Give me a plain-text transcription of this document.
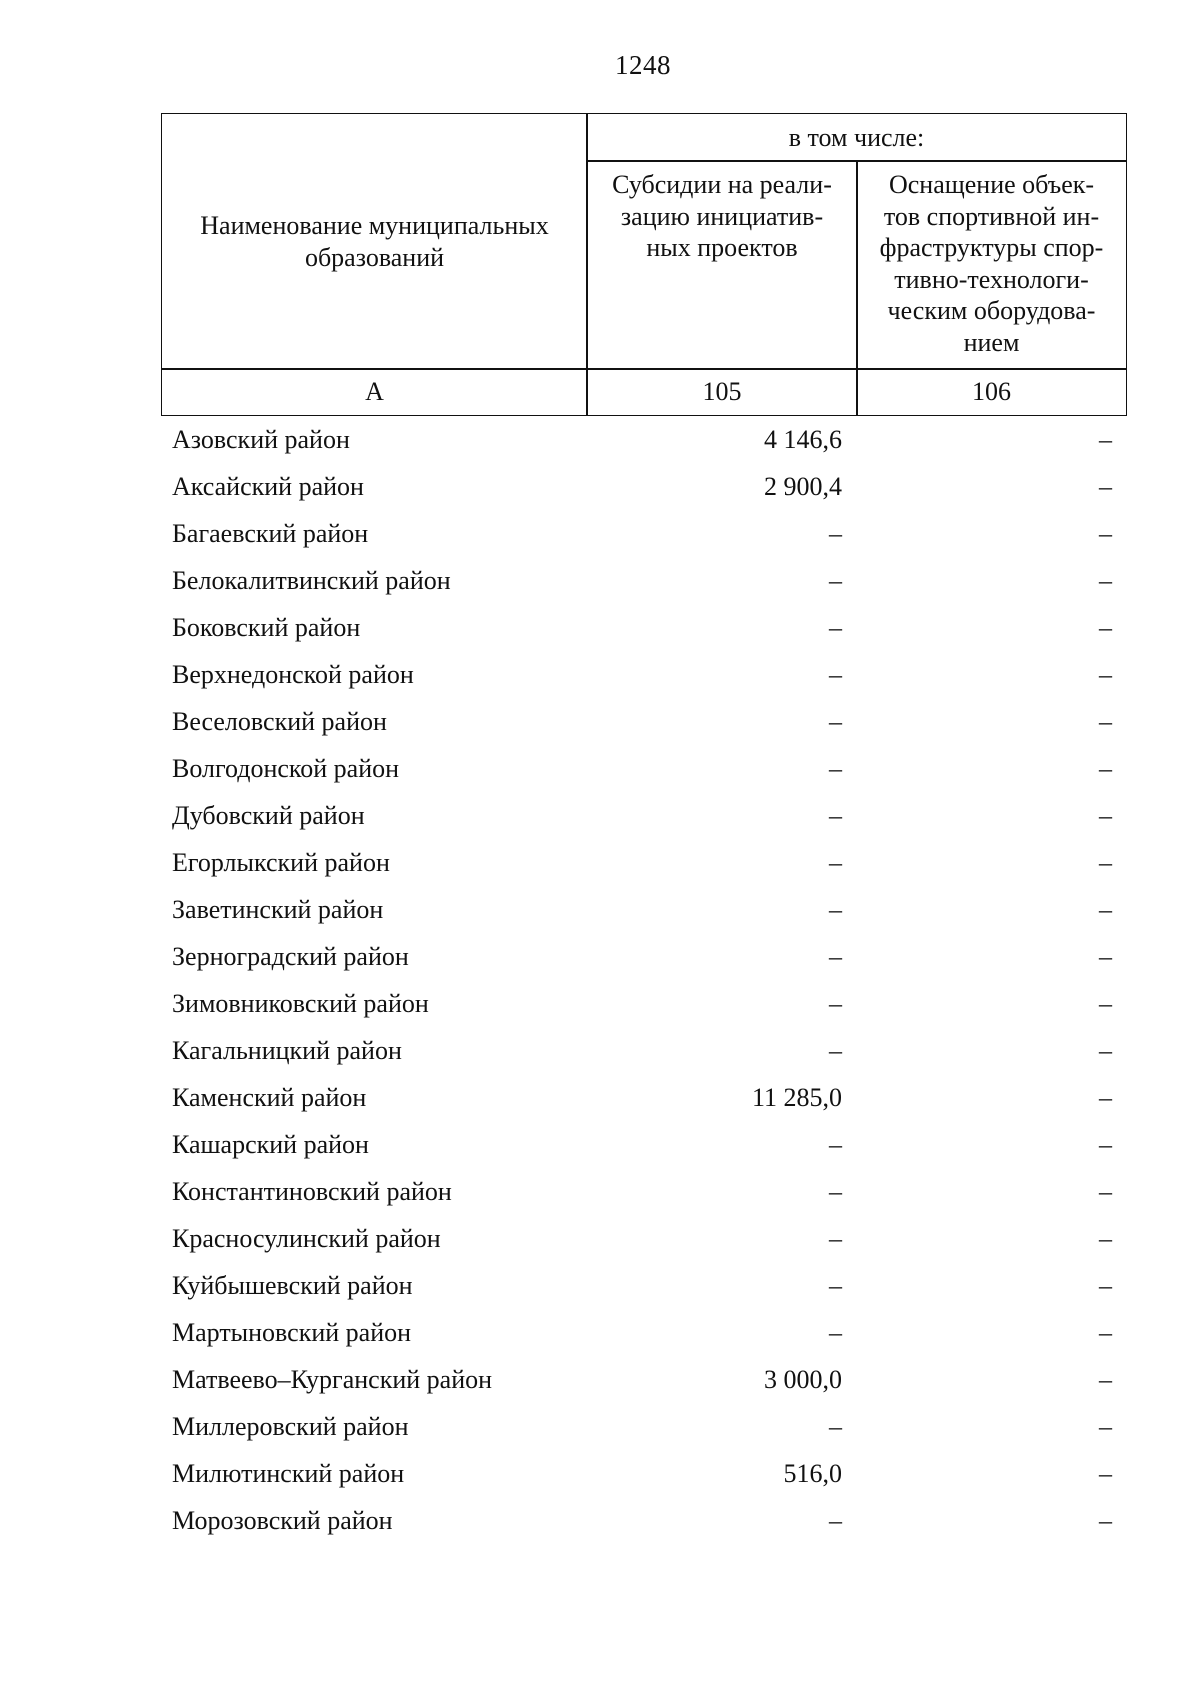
1248
Наименование муниципальных образований
в том числе:
Субсидии на реали-
зацию инициатив-
ных проектов
Оснащение объек-
тов спортивной ин-
фраструктуры спор-
тивно-технологи-
ческим оборудова-
нием
А	105	106
Азовский район	4 146,6	–
Аксайский район	2 900,4	–
Багаевский район	–	–
Белокалитвинский район	–	–
Боковский район	–	–
Верхнедонской район	–	–
Веселовский район	–	–
Волгодонской район	–	–
Дубовский район	–	–
Егорлыкский район	–	–
Заветинский район	–	–
Зерноградский район	–	–
Зимовниковский район	–	–
Кагальницкий район	–	–
Каменский район	11 285,0	–
Кашарский район	–	–
Константиновский район	–	–
Красносулинский район	–	–
Куйбышевский район	–	–
Мартыновский район	–	–
Матвеево–Курганский район	3 000,0	–
Миллеровский район	–	–
Милютинский район	516,0	–
Морозовский район	–	–
